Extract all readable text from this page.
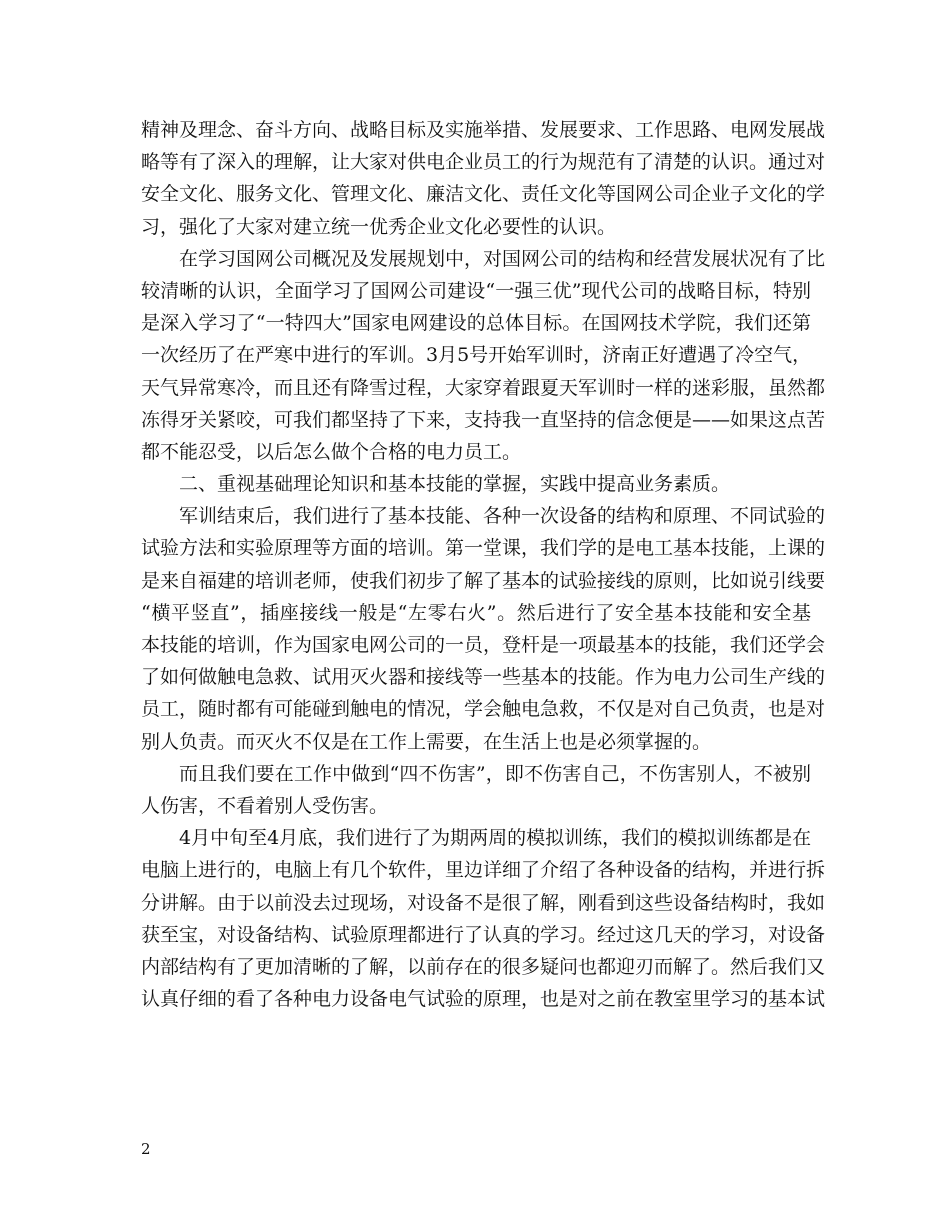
精神及理念、奋斗方向、战略目标及实施举措、发展要求、工作思路、电网发展战
略等有了深入的理解，让大家对供电企业员工的行为规范有了清楚的认识。通过对
安全文化、服务文化、管理文化、廉洁文化、责任文化等国网公司企业子文化的学
习，强化了大家对建立统一优秀企业文化必要性的认识。

在学习国网公司概况及发展规划中，对国网公司的结构和经营发展状况有了比
较清晰的认识，全面学习了国网公司建设“一强三优”现代公司的战略目标，特别
是深入学习了“一特四大”国家电网建设的总体目标。在国网技术学院，我们还第
一次经历了在严寒中进行的军训。3月5号开始军训时，济南正好遭遇了冷空气，
天气异常寒冷，而且还有降雪过程，大家穿着跟夏天军训时一样的迷彩服，虽然都
冻得牙关紧咬，可我们都坚持了下来，支持我一直坚持的信念便是——如果这点苦
都不能忍受，以后怎么做个合格的电力员工。

二、重视基础理论知识和基本技能的掌握，实践中提高业务素质。

军训结束后，我们进行了基本技能、各种一次设备的结构和原理、不同试验的
试验方法和实验原理等方面的培训。第一堂课，我们学的是电工基本技能，上课的
是来自福建的培训老师，使我们初步了解了基本的试验接线的原则，比如说引线要
“横平竖直”，插座接线一般是“左零右火”。然后进行了安全基本技能和安全基
本技能的培训，作为国家电网公司的一员，登杆是一项最基本的技能，我们还学会
了如何做触电急救、试用灭火器和接线等一些基本的技能。作为电力公司生产线的
员工，随时都有可能碰到触电的情况，学会触电急救，不仅是对自己负责，也是对
别人负责。而灭火不仅是在工作上需要，在生活上也是必须掌握的。

而且我们要在工作中做到“四不伤害”，即不伤害自己，不伤害别人，不被别
人伤害，不看着别人受伤害。

4月中旬至4月底，我们进行了为期两周的模拟训练，我们的模拟训练都是在
电脑上进行的，电脑上有几个软件，里边详细了介绍了各种设备的结构，并进行拆
分讲解。由于以前没去过现场，对设备不是很了解，刚看到这些设备结构时，我如
获至宝，对设备结构、试验原理都进行了认真的学习。经过这几天的学习，对设备
内部结构有了更加清晰的了解，以前存在的很多疑问也都迎刃而解了。然后我们又
认真仔细的看了各种电力设备电气试验的原理，也是对之前在教室里学习的基本试

2
